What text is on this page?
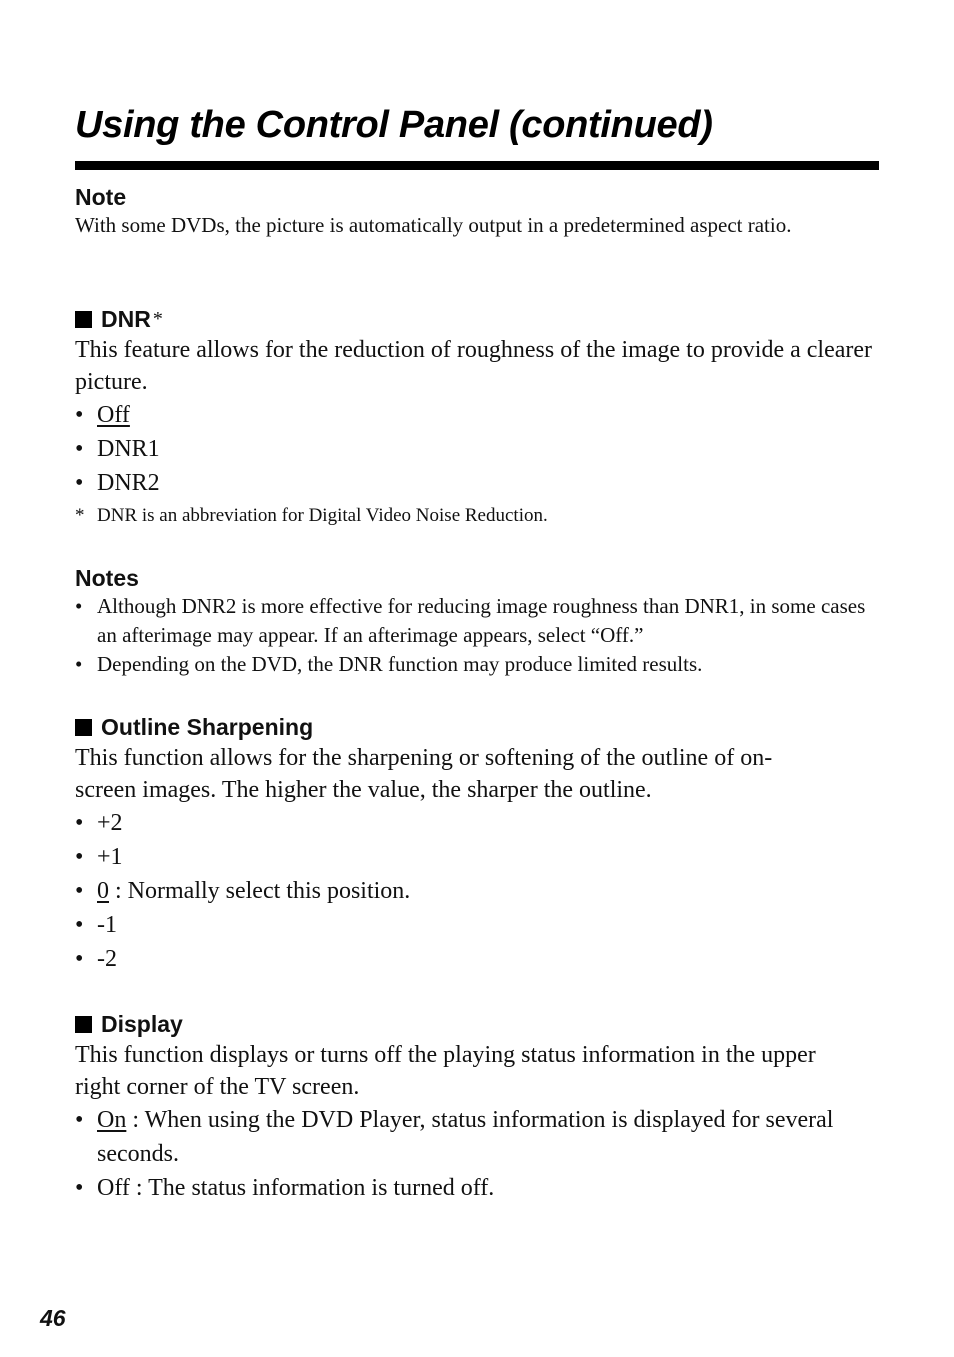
Using the Control Panel (continued)

Note

With some DVDs, the picture is automatically output in a predetermined aspect ratio.

DNR *

This feature allows for the reduction of roughness of the image to provide a clearer picture.

• Off
• DNR1
• DNR2

* DNR is an abbreviation for Digital Video Noise Reduction.

Notes

• Although DNR2 is more effective for reducing image roughness than DNR1, in some cases an afterimage may appear. If an afterimage appears, select “Off.”
• Depending on the DVD, the DNR function may produce limited results.

Outline Sharpening

This function allows for the sharpening or softening of the outline of on-screen images. The higher the value, the sharper the outline.

• +2
• +1
• 0 : Normally select this position.
• -1
• -2

Display

This function displays or turns off the playing status information in the upper right corner of the TV screen.

• On : When using the DVD Player, status information is displayed for several seconds.
• Off : The status information is turned off.
46
